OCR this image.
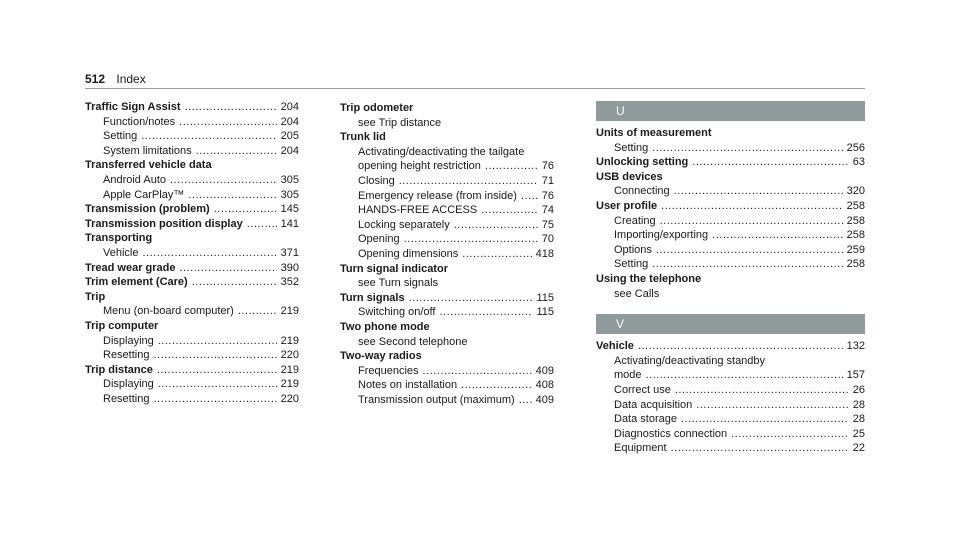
512 Index
Traffic Sign Assist .....	204
Function/notes .....	204
Setting .....	205
System limitations .....	204
Transferred vehicle data
Android Auto .....	305
Apple CarPlay™ .....	305
Transmission (problem) .....	145
Transmission position display .....	141
Transporting
Vehicle .....	371
Tread wear grade .....	390
Trim element (Care) .....	352
Trip
Menu (on-board computer) .....	219
Trip computer
Displaying .....	219
Resetting .....	220
Trip distance .....	219
Displaying .....	219
Resetting .....	220
Trip odometer
see Trip distance
Trunk lid
Activating/deactivating the tailgate
opening height restriction .....	76
Closing .....	71
Emergency release (from inside) ..... 76
HANDS-FREE ACCESS .....	74
Locking separately .....	75
Opening .....	70
Opening dimensions .....	418
Turn signal indicator
see Turn signals
Turn signals .....	115
Switching on/off .....	115
Two phone mode
see Second telephone
Two-way radios
Frequencies .....	409
Notes on installation .....	408
Transmission output (maximum) ..... 409
U
Units of measurement
Setting .....	256
Unlocking setting .....	63
USB devices
Connecting .....	320
User profile .....	258
Creating .....	258
Importing/exporting .....	258
Options .....	259
Setting .....	258
Using the telephone
see Calls
V
Vehicle .....	132
Activating/deactivating standby
mode .....	157
Correct use .....	26
Data acquisition .....	28
Data storage .....	28
Diagnostics connection .....	25
Equipment .....	22
